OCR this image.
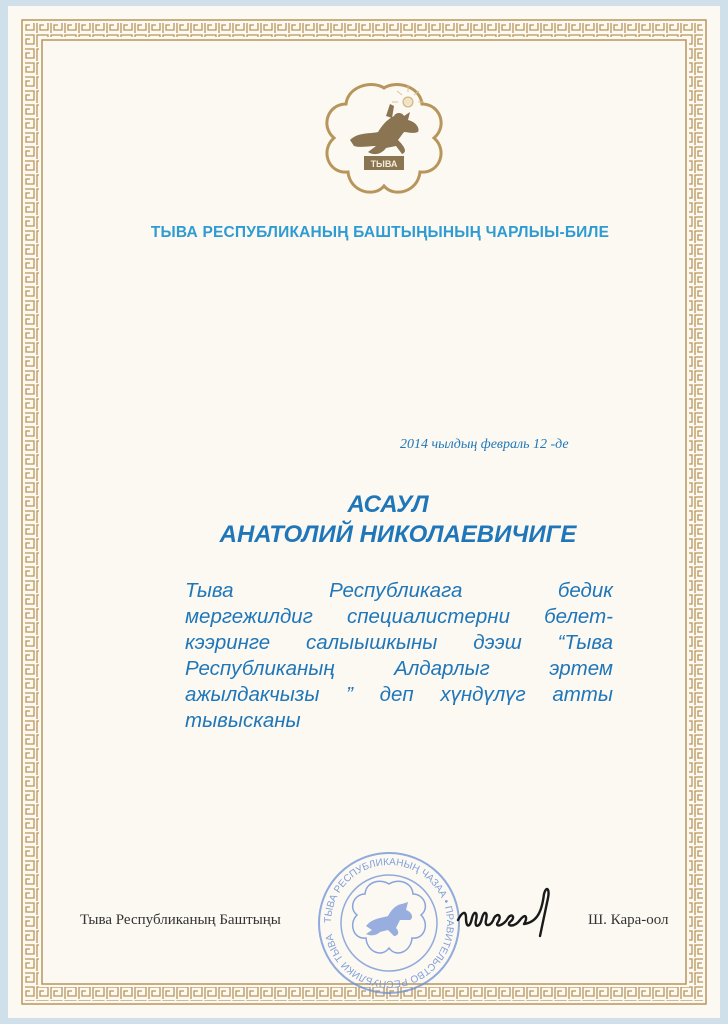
ТЫВА
ТЫВА РЕСПУБЛИКАНЫҢ БАШТЫҢЫНЫҢ ЧАРЛЫЫ-БИЛЕ
2014 чылдың февраль 12 -де
АСАУЛ
АНАТОЛИЙ НИКОЛАЕВИЧИГЕ
Тыва	Республикага	бедик
мергежилдиг специалистерни белет-
кээринге салыышкыны дээш “Тыва
Республиканың	Алдарлыг	эртем
ажылдакчызы ” деп хүндүлүг атты
тывысканы
Тыва Республиканың Баштыңы	ТЫВА РЕСПУБЛИКАНЫҢ ЧАЗАА • ПРАВИТЕЛЬСТВО РЕСПУБЛИКИ ТЫВА
Ш. Кара-оол
